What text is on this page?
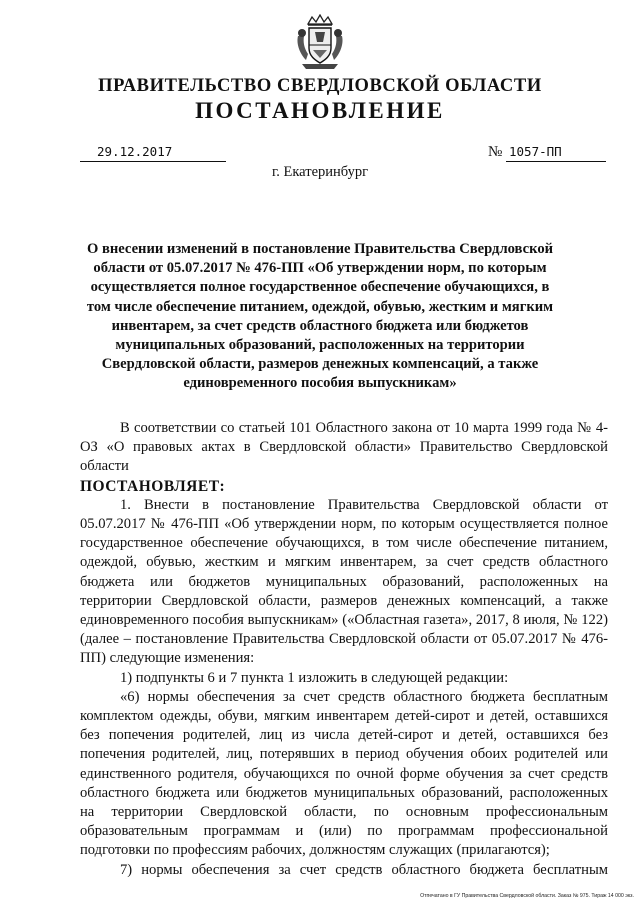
ПРАВИТЕЛЬСТВО СВЕРДЛОВСКОЙ ОБЛАСТИ
ПОСТАНОВЛЕНИЕ
29.12.2017	№ 1057-ПП
г. Екатеринбург
О внесении изменений в постановление Правительства Свердловской области от 05.07.2017 № 476-ПП «Об утверждении норм, по которым осуществляется полное государственное обеспечение обучающихся, в том числе обеспечение питанием, одеждой, обувью, жестким и мягким инвентарем, за счет средств областного бюджета или бюджетов муниципальных образований, расположенных на территории Свердловской области, размеров денежных компенсаций, а также единовременного пособия выпускникам»

В соответствии со статьей 101 Областного закона от 10 марта 1999 года № 4-ОЗ «О правовых актах в Свердловской области» Правительство Свердловской области

ПОСТАНОВЛЯЕТ:

1. Внести в постановление Правительства Свердловской области от 05.07.2017 № 476-ПП «Об утверждении норм, по которым осуществляется полное государственное обеспечение обучающихся, в том числе обеспечение питанием, одеждой, обувью, жестким и мягким инвентарем, за счет средств областного бюджета или бюджетов муниципальных образований, расположенных на территории Свердловской области, размеров денежных компенсаций, а также единовременного пособия выпускникам» («Областная газета», 2017, 8 июля, № 122) (далее – постановление Правительства Свердловской области от 05.07.2017 № 476-ПП) следующие изменения:

1) подпункты 6 и 7 пункта 1 изложить в следующей редакции:

«6) нормы обеспечения за счет средств областного бюджета бесплатным комплектом одежды, обуви, мягким инвентарем детей-сирот и детей, оставшихся без попечения родителей, лиц из числа детей-сирот и детей, оставшихся без попечения родителей, лиц, потерявших в период обучения обоих родителей или единственного родителя, обучающихся по очной форме обучения за счет средств областного бюджета или бюджетов муниципальных образований, расположенных на территории Свердловской области, по основным профессиональным образовательным программам и (или) по программам профессиональной подготовки по профессиям рабочих, должностям служащих (прилагаются);

7) нормы обеспечения за счет средств областного бюджета бесплатным

Отпечатано в ГУ Правительства Свердловской области. Заказ № 975. Тираж 14 000 экз.
